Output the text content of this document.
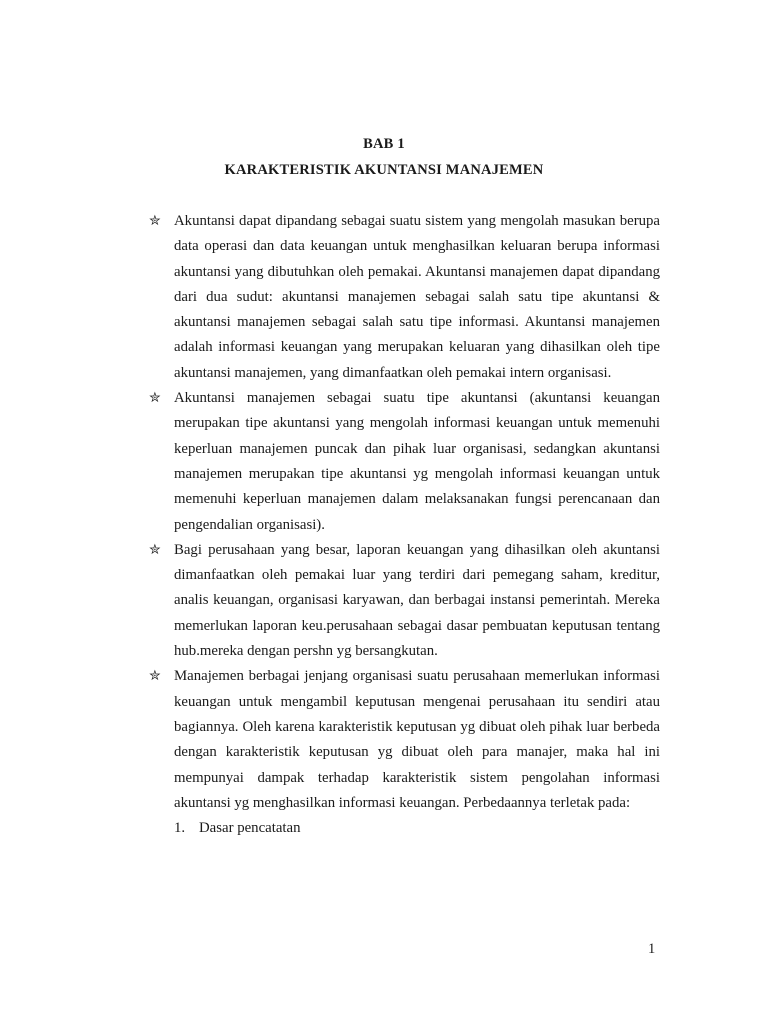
BAB 1
KARAKTERISTIK AKUNTANSI MANAJEMEN
✮ Akuntansi dapat dipandang sebagai suatu sistem yang mengolah masukan berupa data operasi dan data keuangan untuk menghasilkan keluaran berupa informasi akuntansi yang dibutuhkan oleh pemakai. Akuntansi manajemen dapat dipandang dari dua sudut: akuntansi manajemen sebagai salah satu tipe akuntansi & akuntansi manajemen sebagai salah satu tipe informasi. Akuntansi manajemen adalah informasi keuangan yang merupakan keluaran yang dihasilkan oleh tipe akuntansi manajemen, yang dimanfaatkan oleh pemakai intern organisasi.
✮ Akuntansi manajemen sebagai suatu tipe akuntansi (akuntansi keuangan merupakan tipe akuntansi yang mengolah informasi keuangan untuk memenuhi keperluan manajemen puncak dan pihak luar organisasi, sedangkan akuntansi manajemen merupakan tipe akuntansi yg mengolah informasi keuangan untuk memenuhi keperluan manajemen dalam melaksanakan fungsi perencanaan dan pengendalian organisasi).
✮ Bagi perusahaan yang besar, laporan keuangan yang dihasilkan oleh akuntansi dimanfaatkan oleh pemakai luar yang terdiri dari pemegang saham, kreditur, analis keuangan, organisasi karyawan, dan berbagai instansi pemerintah. Mereka memerlukan laporan keu.perusahaan sebagai dasar pembuatan keputusan tentang hub.mereka dengan pershn yg bersangkutan.
✮ Manajemen berbagai jenjang organisasi suatu perusahaan memerlukan informasi keuangan untuk mengambil keputusan mengenai perusahaan itu sendiri atau bagiannya. Oleh karena karakteristik keputusan yg dibuat oleh pihak luar berbeda dengan karakteristik keputusan yg dibuat oleh para manajer, maka hal ini mempunyai dampak terhadap karakteristik sistem pengolahan informasi akuntansi yg menghasilkan informasi keuangan. Perbedaannya terletak pada:
1. Dasar pencatatan
1
